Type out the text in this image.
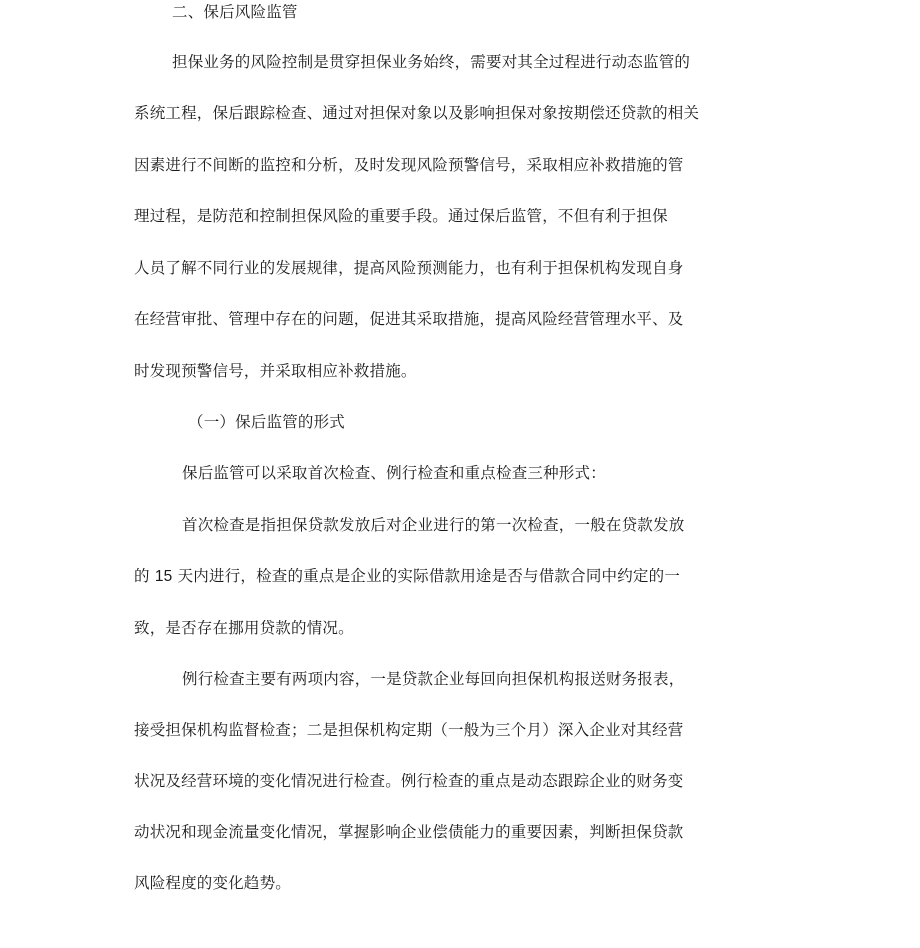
二、保后风险监管
担保业务的风险控制是贯穿担保业务始终，需要对其全过程进行动态监管的
系统工程，保后跟踪检查、通过对担保对象以及影响担保对象按期偿还贷款的相关
因素进行不间断的监控和分析，及时发现风险预警信号，采取相应补救措施的管
理过程，是防范和控制担保风险的重要手段。通过保后监管，不但有利于担保
人员了解不同行业的发展规律，提高风险预测能力，也有利于担保机构发现自身
在经营审批、管理中存在的问题，促进其采取措施，提高风险经营管理水平、及
时发现预警信号，并采取相应补救措施。
（一）保后监管的形式
保后监管可以采取首次检查、例行检查和重点检查三种形式：
首次检查是指担保贷款发放后对企业进行的第一次检查，一般在贷款发放
的 15 天内进行，检查的重点是企业的实际借款用途是否与借款合同中约定的一
致，是否存在挪用贷款的情况。
例行检查主要有两项内容，一是贷款企业每回向担保机构报送财务报表，
接受担保机构监督检查；二是担保机构定期（一般为三个月）深入企业对其经营
状况及经营环境的变化情况进行检查。例行检查的重点是动态跟踪企业的财务变
动状况和现金流量变化情况，掌握影响企业偿债能力的重要因素，判断担保贷款
风险程度的变化趋势。
